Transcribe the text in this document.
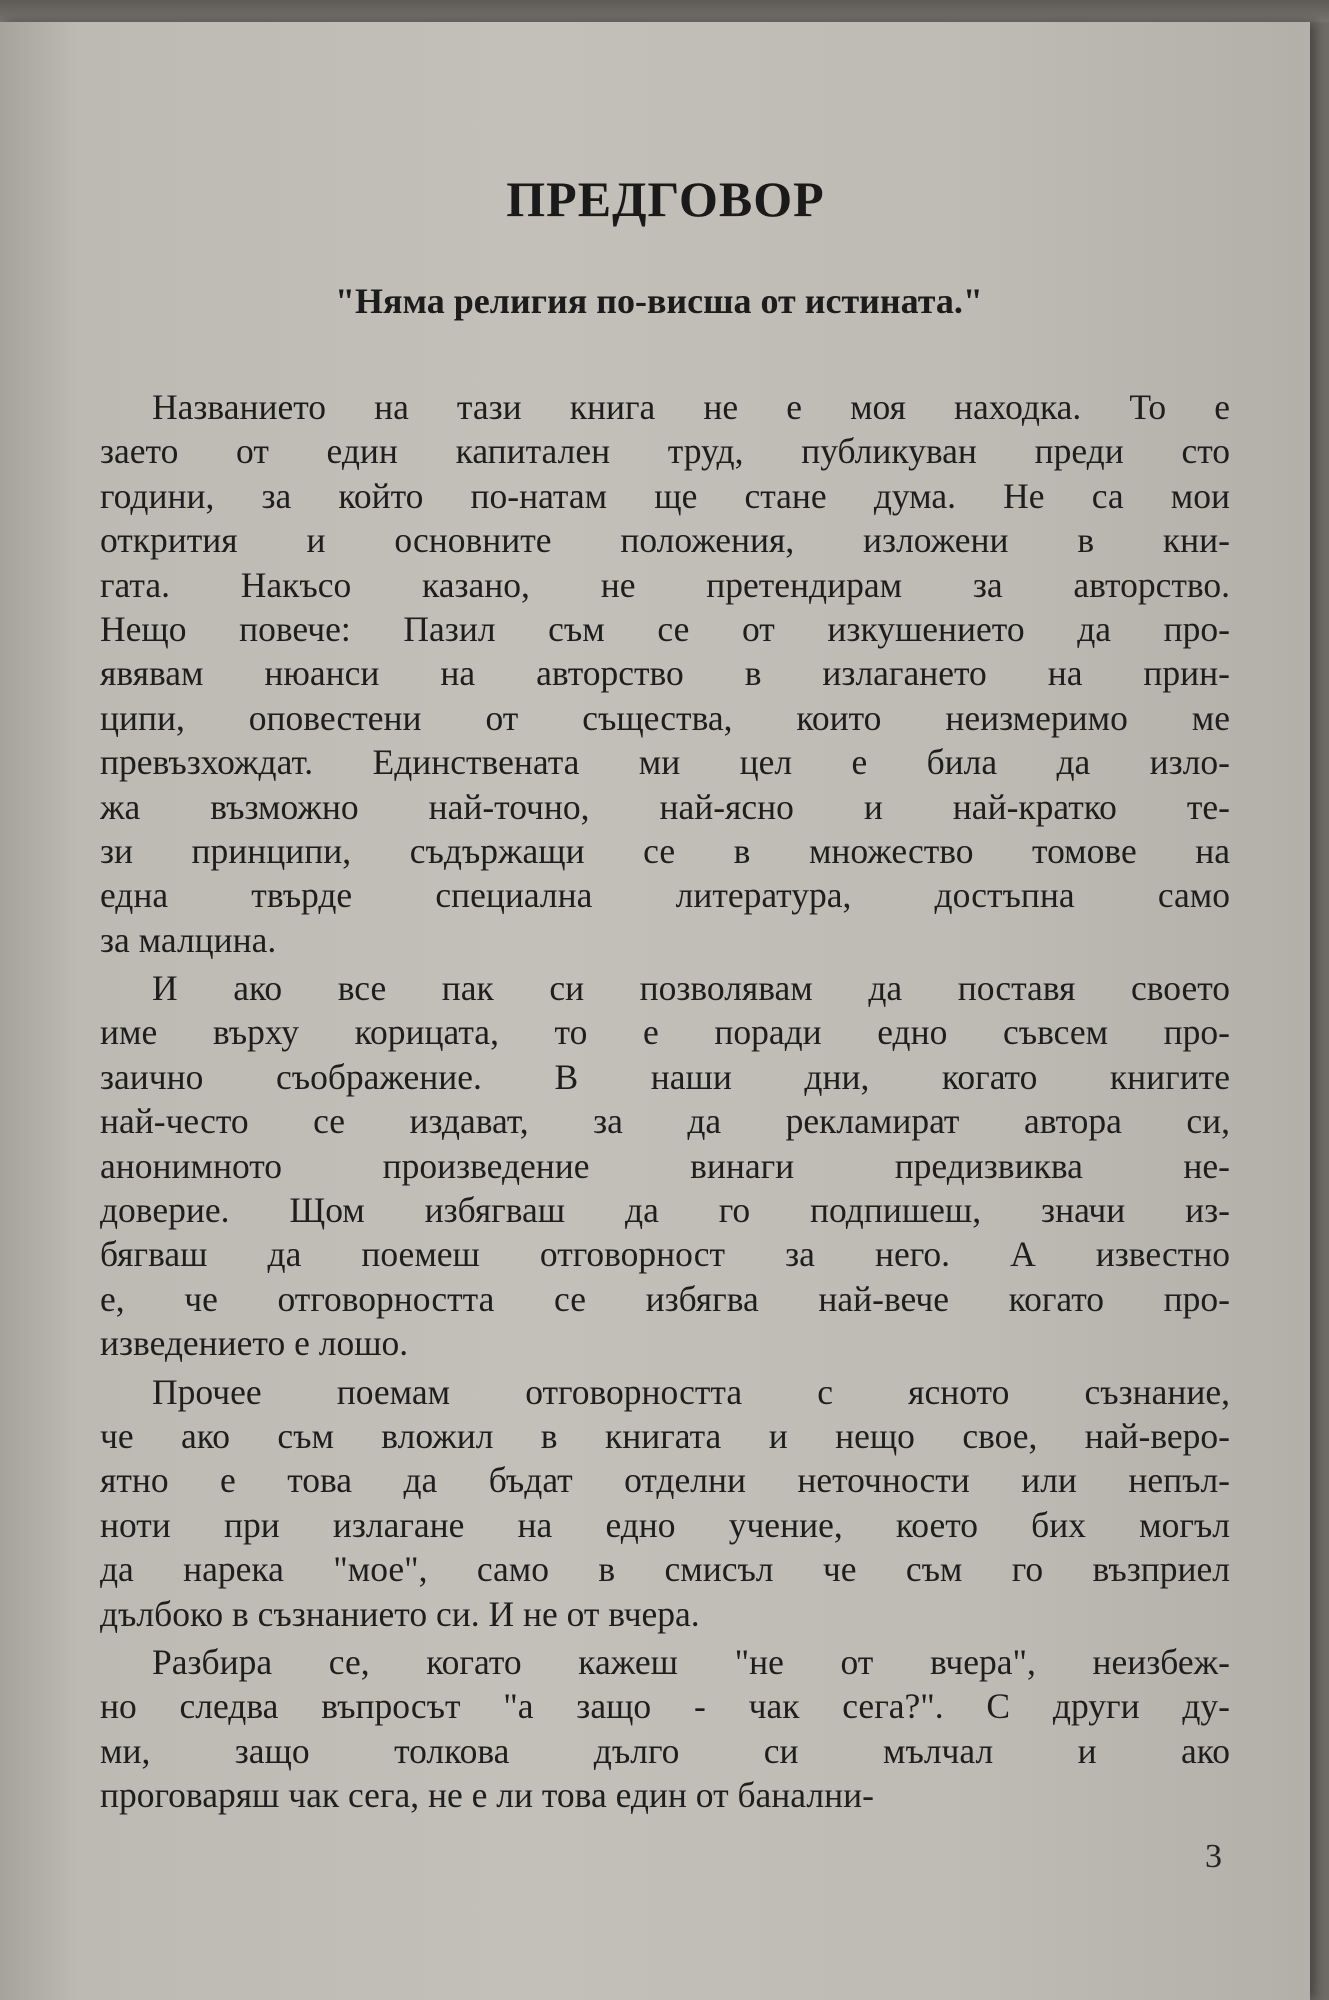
ПРЕДГОВОР

"Няма религия по-висша от истината."

Названието на тази книга не е моя находка. То е
заето от един капитален труд, публикуван преди сто
години, за който по-натам ще стане дума. Не са мои
открития и основните положения, изложени в кни-
гата. Накъсо казано, не претендирам за авторство.
Нещо повече: Пазил съм се от изкушението да про-
явявам нюанси на авторство в излагането на прин-
ципи, оповестени от същества, които неизмеримо ме
превъзхождат. Единствената ми цел е била да изло-
жа възможно най-точно, най-ясно и най-кратко те-
зи принципи, съдържащи се в множество томове на
една твърде специална литература, достъпна само
за малцина.
И ако все пак си позволявам да поставя своето
име върху корицата, то е поради едно съвсем про-
заично съображение. В наши дни, когато книгите
най-често се издават, за да рекламират автора си,
анонимното произведение винаги предизвиква не-
доверие. Щом избягваш да го подпишеш, значи из-
бягваш да поемеш отговорност за него. А известно
е, че отговорността се избягва най-вече когато про-
изведението е лошо.
Прочее поемам отговорността с ясното съзнание,
че ако съм вложил в книгата и нещо свое, най-веро-
ятно е това да бъдат отделни неточности или непъл-
ноти при излагане на едно учение, което бих могъл
да нарека "мое", само в смисъл че съм го възприел
дълбоко в съзнанието си. И не от вчера.
Разбира се, когато кажеш "не от вчера", неизбеж-
но следва въпросът "а защо - чак сега?". С други ду-
ми, защо толкова дълго си мълчал и ако
проговаряш чак сега, не е ли това един от банални-

3
